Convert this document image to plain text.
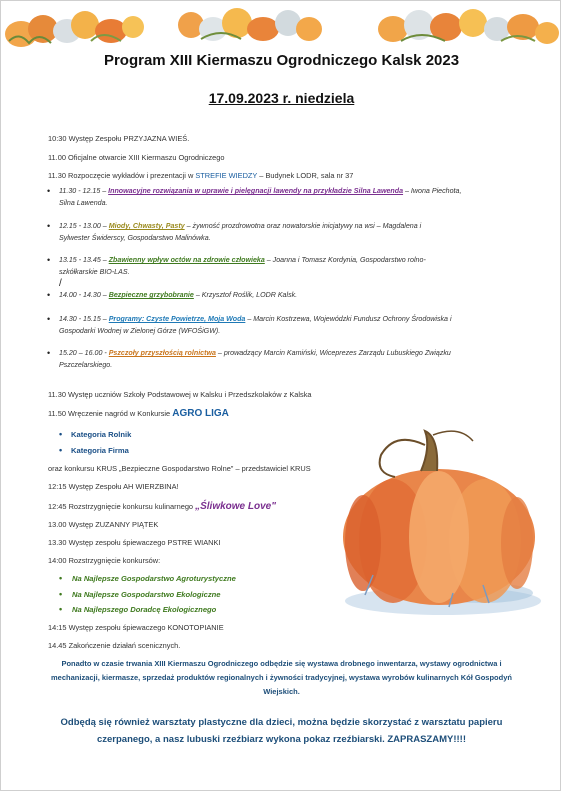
Program XIII Kiermaszu Ogrodniczego Kalsk 2023
17.09.2023 r. niedziela
10:30 Występ Zespołu PRZYJAZNA WIEŚ.
11.00 Oficjalne otwarcie XIII Kiermaszu Ogrodniczego
11.30 Rozpoczęcie wykładów i prezentacji w STREFIE WIEDZY – Budynek LODR, sala nr 37
• 11.30 - 12.15 – Innowacyjne rozwiązania w uprawie i pielęgnacji lawendy na przykładzie Silna Lawenda – Iwona Piechota,
Silna Lawenda.
• 12.15 - 13.00 – Miody, Chwasty, Pasty – żywność prozdrowotna oraz nowatorskie inicjatywy na wsi – Magdalena i
Sylwester Świderscy, Gospodarstwo Malinówka.
• 13.15 - 13.45 – Zbawienny wpływ octów na zdrowie człowieka – Joanna i Tomasz Kordynia, Gospodarstwo rolno-
szkółkarskie BIO-LAS.
/
• 14.00 - 14.30 – Bezpieczne grzybobranie – Krzysztof Roślik, LODR Kalsk.
• 14.30 - 15.15 – Programy: Czyste Powietrze, Moja Woda – Marcin Kostrzewa, Wojewódzki Fundusz Ochrony Środowiska i
Gospodarki Wodnej w Zielonej Górze (WFOŚiGW).
• 15.20 – 16.00 - Pszczoły przyszłością rolnictwa – prowadzący Marcin Kamiński, Wiceprezes Zarządu Lubuskiego Związku
Pszczelarskiego.
11.30 Występ uczniów Szkoły Podstawowej w Kalsku i Przedszkolaków z Kalska
11.50 Wręczenie nagród w Konkursie AGRO LIGA
• Kategoria Rolnik
• Kategoria Firma
oraz konkursu KRUS „Bezpieczne Gospodarstwo Rolne" – przedstawiciel KRUS
12:15 Występ Zespołu AH WIERZBINA!
12:45 Rozstrzygnięcie konkursu kulinarnego „Śliwkowe Love"
13.00 Występ ZUZANNY PIĄTEK
13.30 Występ zespołu śpiewaczego PSTRE WIANKI
14:00 Rozstrzygnięcie konkursów:
• Na Najlepsze Gospodarstwo Agroturystyczne
• Na Najlepsze Gospodarstwo Ekologiczne
• Na Najlepszego Doradcę Ekologicznego
14:15 Występ zespołu śpiewaczego KONOTOPIANIE
14.45 Zakończenie działań scenicznych.
Ponadto w czasie trwania XIII Kiermaszu Ogrodniczego odbędzie się wystawa drobnego inwentarza, wystawy ogrodnictwa i mechanizacji, kiermasze, sprzedaż produktów regionalnych i żywności tradycyjnej, wystawa wyrobów kulinarnych Kół Gospodyń Wiejskich.
Odbędą się również warsztaty plastyczne dla dzieci, można będzie skorzystać z warsztatu papieru czerpanego, a nasz lubuski rzeźbiarz wykona pokaz rzeźbiarski. ZAPRASZAMY!!!!
